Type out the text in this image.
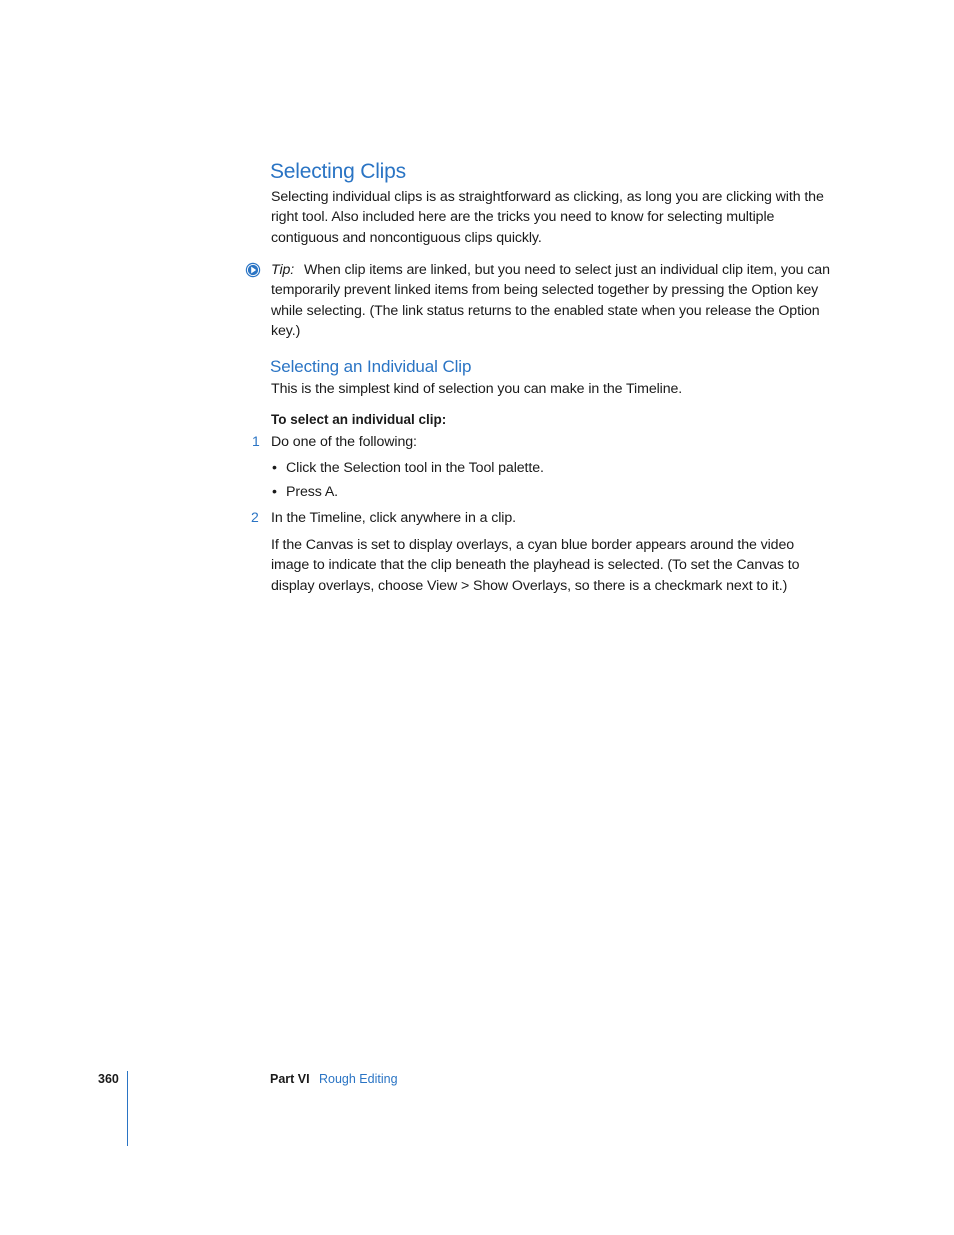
Selecting Clips
Selecting individual clips is as straightforward as clicking, as long you are clicking with the right tool. Also included here are the tricks you need to know for selecting multiple contiguous and noncontiguous clips quickly.
Tip: When clip items are linked, but you need to select just an individual clip item, you can temporarily prevent linked items from being selected together by pressing the Option key while selecting. (The link status returns to the enabled state when you release the Option key.)
Selecting an Individual Clip
This is the simplest kind of selection you can make in the Timeline.
To select an individual clip:
1 Do one of the following:
• Click the Selection tool in the Tool palette.
• Press A.
2 In the Timeline, click anywhere in a clip.
If the Canvas is set to display overlays, a cyan blue border appears around the video image to indicate that the clip beneath the playhead is selected. (To set the Canvas to display overlays, choose View > Show Overlays, so there is a checkmark next to it.)
360	Part VI Rough Editing
